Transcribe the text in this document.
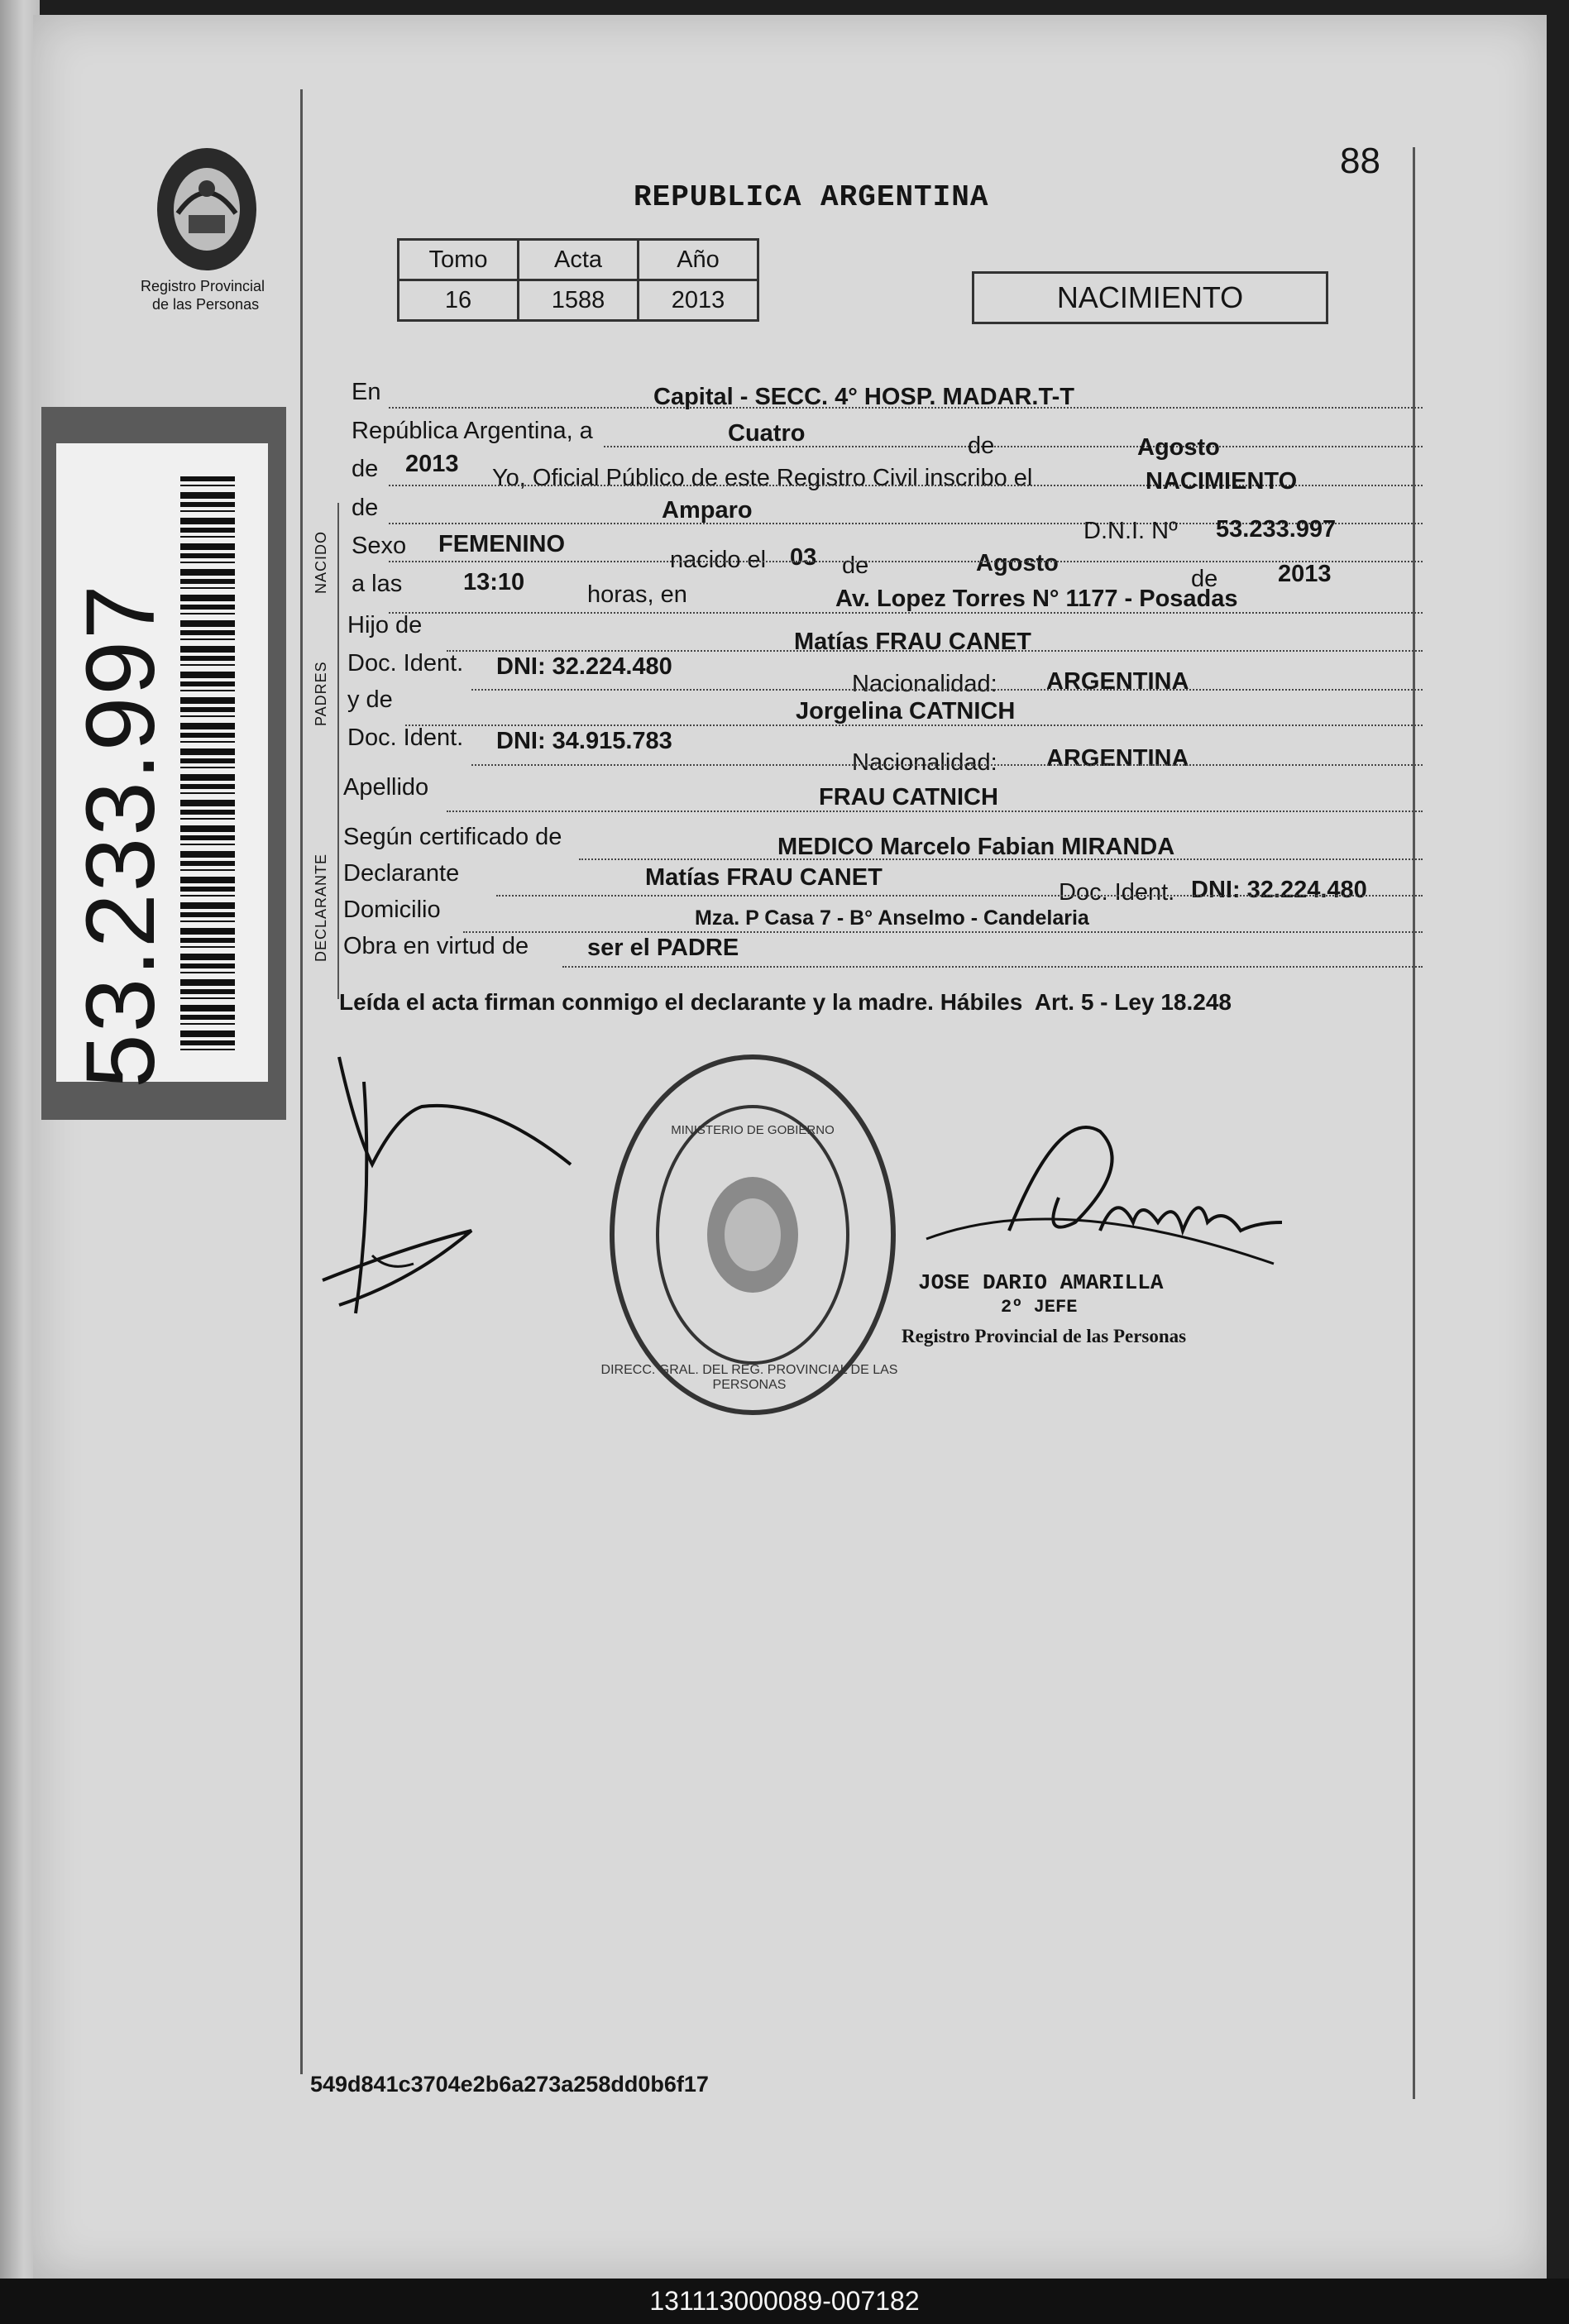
88
Registro Provincial
de las Personas
REPUBLICA ARGENTINA
Tomo	Acta	Año
16	1588	2013	NACIMIENTO
53.233.997
NACIDO
PADRES
DECLARANTE
En	Capital - SECC. 4° HOSP. MADAR.T-T
República Argentina, a	Cuatro	de	Agosto
de 2013
Yo, Oficial Público de este Registro Civil inscribo el	NACIMIENTO
de	Amparo
D.N.I. Nº 53.233.997
Sexo FEMENINO
nacido el 03 de	Agosto
de	2013
a las	13:10	horas, en	Av. Lopez Torres N° 1177 - Posadas
Hijo de
Matías FRAU CANET
Doc. Ident. DNI: 32.224.480
Nacionalidad: ARGENTINA
y de	Jorgelina CATNICH
Doc. Ident. DNI: 34.915.783
Nacionalidad: ARGENTINA
Apellido	FRAU CATNICH
Según certificado de	MEDICO Marcelo Fabian MIRANDA
Declarante	Matías FRAU CANET
Doc. Ident. DNI: 32.224.480
Domicilio	Mza. P Casa 7 - B° Anselmo - Candelaria
Obra en virtud de ser el PADRE
Leída el acta firman conmigo el declarante y la madre. Hábiles  Art. 5 - Ley 18.248
DIRECC. GRAL. DEL REG. PROVINCIAL DE LAS PERSONAS
MINISTERIO DE GOBIERNO
JOSE DARIO AMARILLA
2º JEFE
Registro Provincial de las Personas
549d841c3704e2b6a273a258dd0b6f17
131113000089-007182
